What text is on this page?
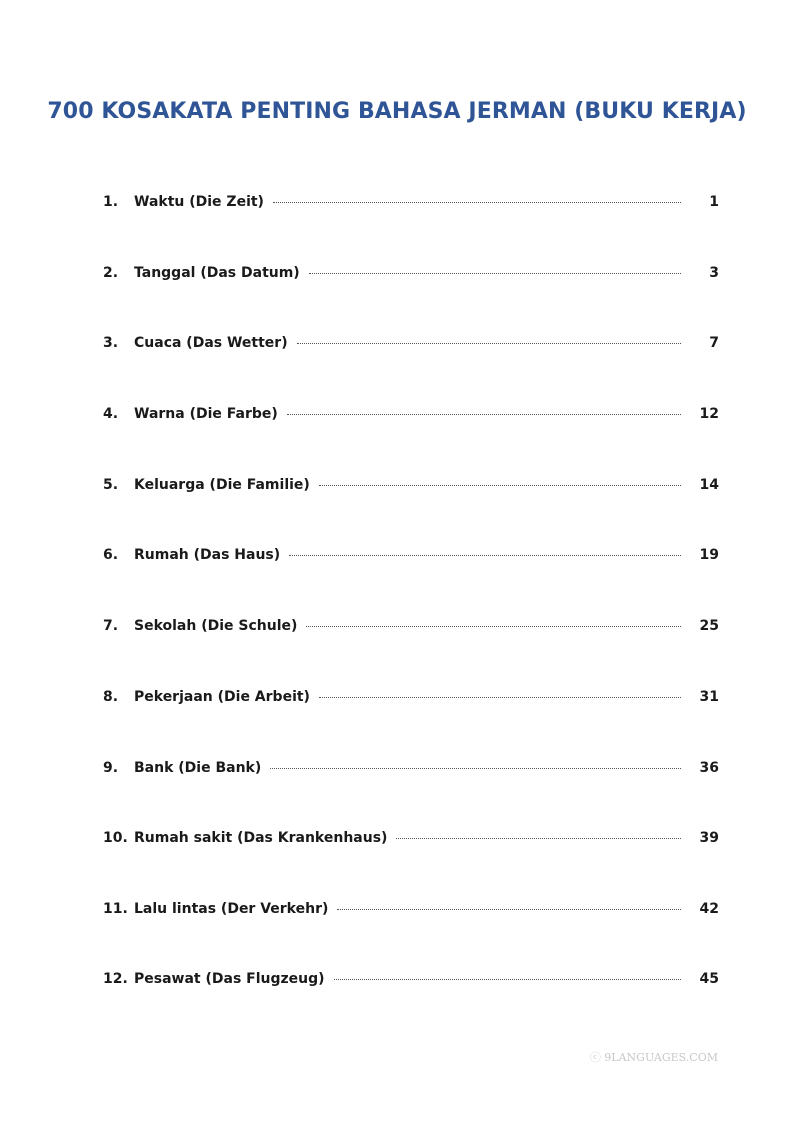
700 KOSAKATA PENTING BAHASA JERMAN (BUKU KERJA)
1.	Waktu (Die Zeit)	1
2.	Tanggal (Das Datum)	3
3.	Cuaca (Das Wetter)	7
4.	Warna (Die Farbe)	12
5.	Keluarga (Die Familie)	14
6.	Rumah (Das Haus)	19
7.	Sekolah (Die Schule)	25
8.	Pekerjaan (Die Arbeit)	31
9.	Bank (Die Bank)	36
10. Rumah sakit (Das Krankenhaus)	39
11. Lalu lintas (Der Verkehr)	42
12. Pesawat (Das Flugzeug)	45
ⓒ 9LANGUAGES.COM
